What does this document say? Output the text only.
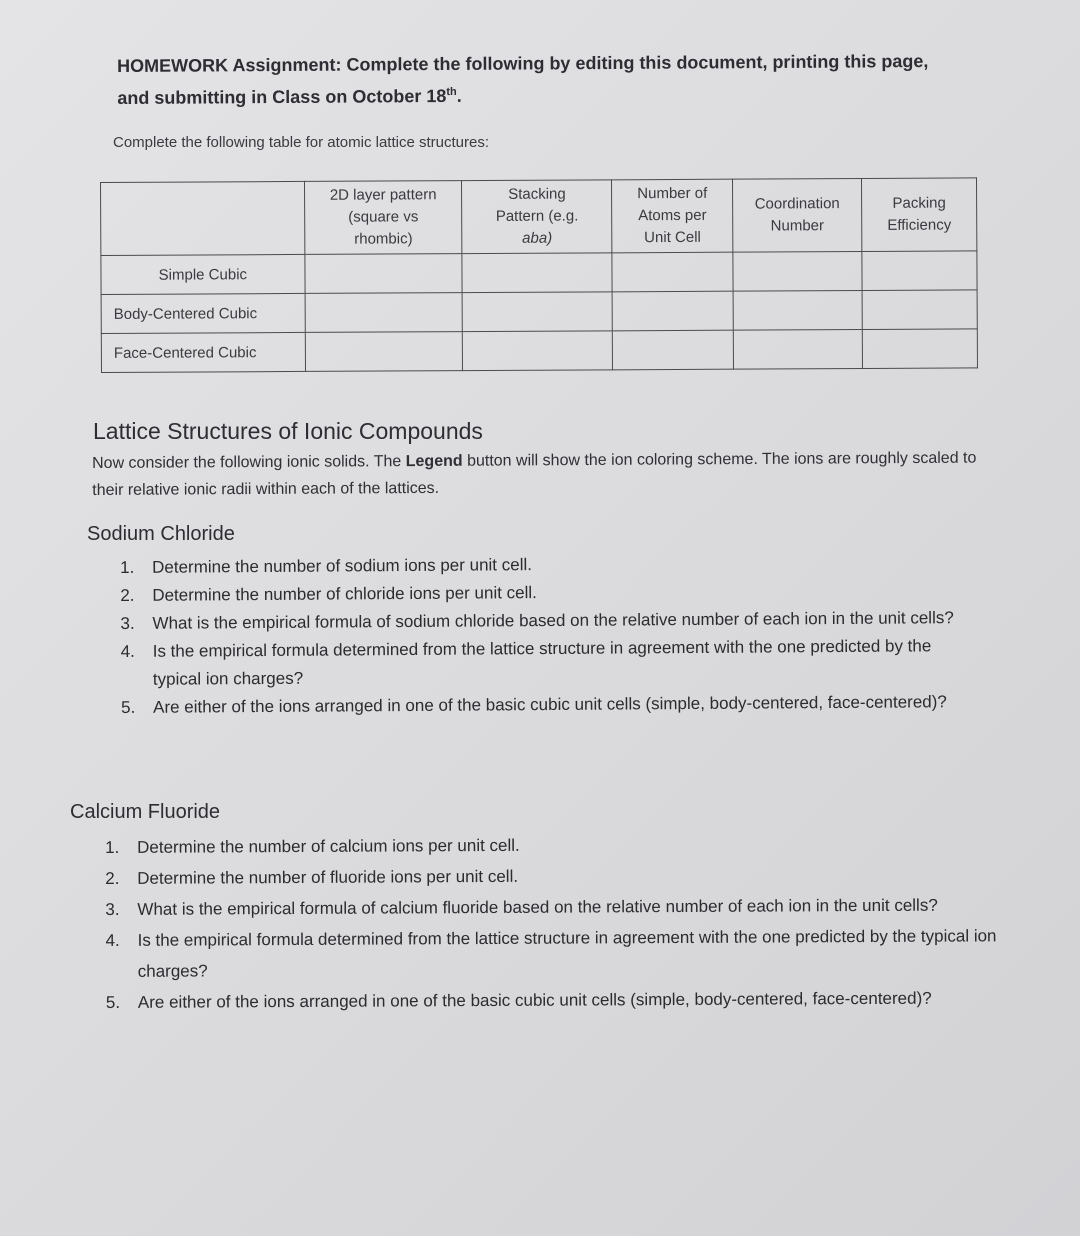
HOMEWORK Assignment: Complete the following by editing this document, printing this page, and submitting in Class on October 18th.
Complete the following table for atomic lattice structures:
	2D layer pattern
(square vs
rhombic)	Stacking
Pattern (e.g.
aba)	Number of
Atoms per
Unit Cell	Coordination
Number	Packing
Efficiency
Simple Cubic					
Body-Centered Cubic					
Face-Centered Cubic					
Lattice Structures of Ionic Compounds
Now consider the following ionic solids. The Legend button will show the ion coloring scheme. The ions are roughly scaled to their relative ionic radii within each of the lattices.
Sodium Chloride
1. Determine the number of sodium ions per unit cell.
2. Determine the number of chloride ions per unit cell.
3. What is the empirical formula of sodium chloride based on the relative number of each ion in the unit cells?
4. Is the empirical formula determined from the lattice structure in agreement with the one predicted by the typical ion charges?
5. Are either of the ions arranged in one of the basic cubic unit cells (simple, body-centered, face-centered)?
Calcium Fluoride
1. Determine the number of calcium ions per unit cell.
2. Determine the number of fluoride ions per unit cell.
3. What is the empirical formula of calcium fluoride based on the relative number of each ion in the unit cells?
4. Is the empirical formula determined from the lattice structure in agreement with the one predicted by the typical ion charges?
5. Are either of the ions arranged in one of the basic cubic unit cells (simple, body-centered, face-centered)?
